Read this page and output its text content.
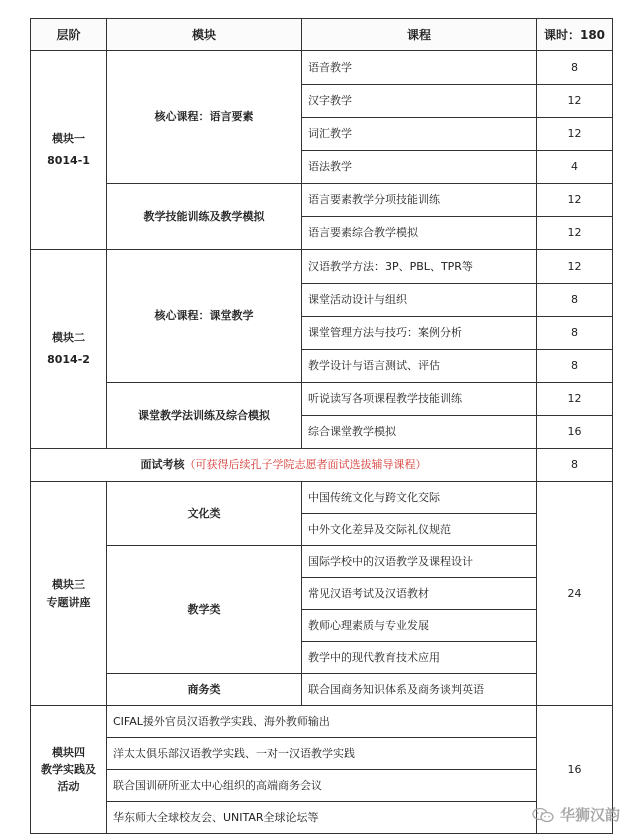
层阶	模块	课程	课时：180

模块一
8014-1	核心课程：语言要素	语音教学	8
		汉字教学	12
		词汇教学	12
		语法教学	4
	教学技能训练及教学模拟	语言要素教学分项技能训练	12
		语言要素综合教学模拟	12

模块二
8014-2	核心课程：课堂教学	汉语教学方法：3P、PBL、TPR等	12
		课堂活动设计与组织	8
		课堂管理方法与技巧：案例分析	8
		教学设计与语言测试、评估	8
	课堂教学法训练及综合模拟	听说读写各项课程教学技能训练	12
		综合课堂教学模拟	16
面试考核（可获得后续孔子学院志愿者面试选拔辅导课程）			8

模块三
专题讲座	文化类	中国传统文化与跨文化交际	24
		中外文化差异及交际礼仪规范	
	教学类	国际学校中的汉语教学及课程设计	
		常见汉语考试及汉语教材	
		教师心理素质与专业发展	
		教学中的现代教育技术应用	
	商务类	联合国商务知识体系及商务谈判英语	

模块四
教学实践及
活动	CIFAL援外官员汉语教学实践、海外教师输出		16
	洋太太俱乐部汉语教学实践、一对一汉语教学实践		
	联合国训研所亚太中心组织的高端商务会议		
	华东师大全球校友会、UNITAR全球论坛等			华狮汉韵
